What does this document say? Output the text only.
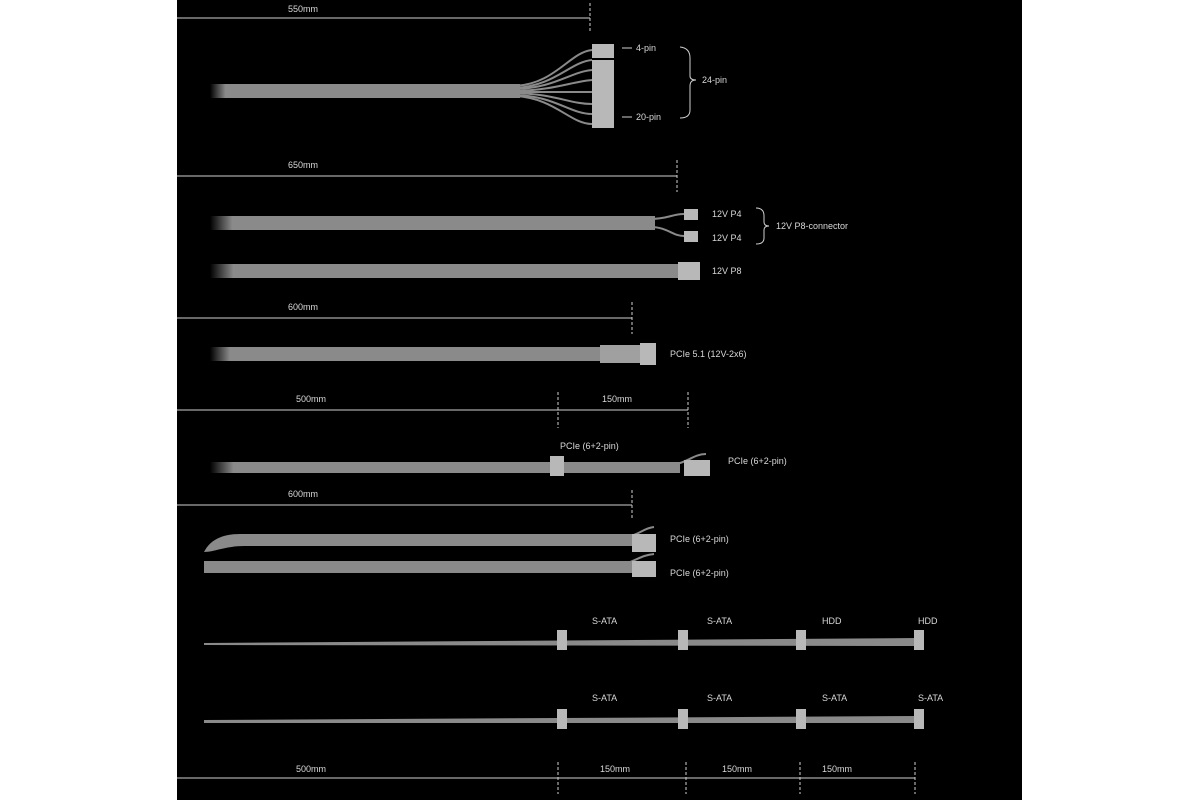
550mm
4-pin
24-pin
20-pin
650mm
12V P4
12V P4
12V P8-connector
12V P8
600mm
PCIe 5.1 (12V-2x6)
500mm	150mm
PCIe (6+2-pin)
PCIe (6+2-pin)
600mm
PCIe (6+2-pin)
PCIe (6+2-pin)
S-ATA	S-ATA	HDD	HDD
S-ATA	S-ATA	S-ATA	S-ATA
500mm	150mm	150mm	150mm
